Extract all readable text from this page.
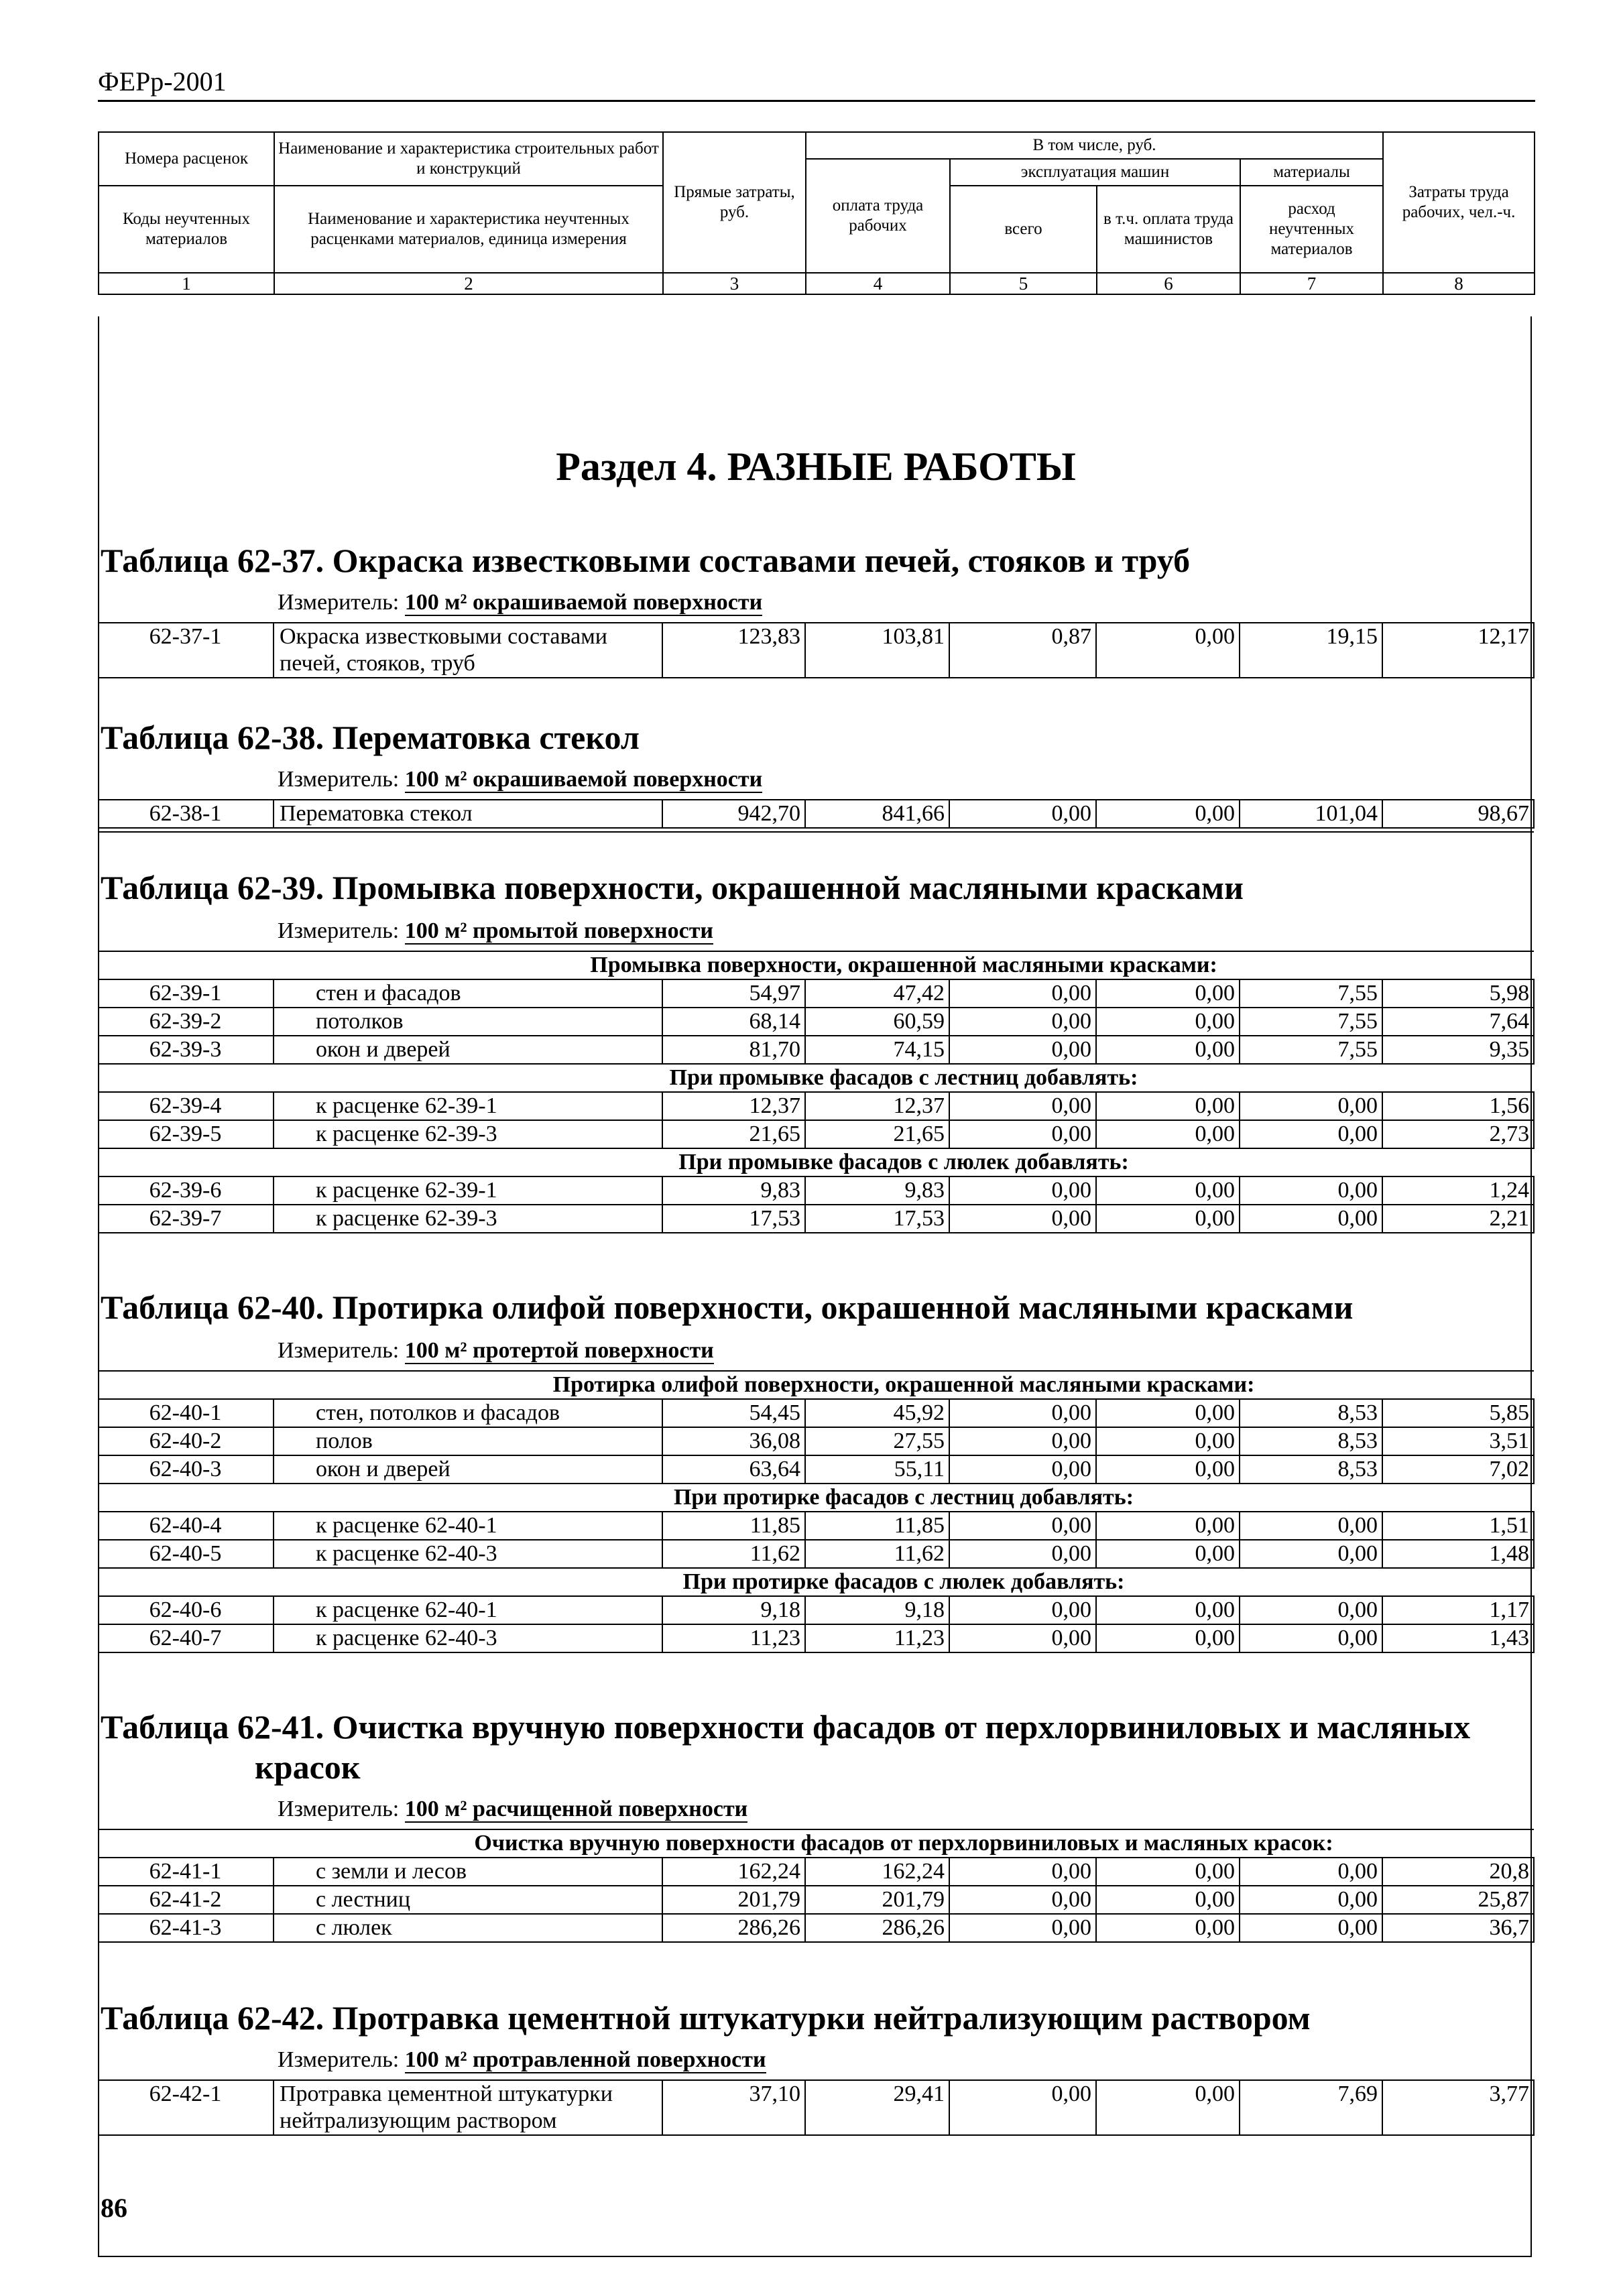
ФЕРр-2001
Номера расценок	Наименование и характеристика строительных работ и конструкций	Прямые затраты, руб.	В том числе, руб.				Затраты труда рабочих, чел.-ч.
			оплата труда рабочих	эксплуатация машин		материалы	
Коды неучтенных материалов	Наименование и характеристика неучтенных расценками материалов, единица измерения			всего	в т.ч. оплата труда машинистов	расход неучтенных материалов	

1	2	3	4	5	6	7	8
Раздел 4. РАЗНЫЕ РАБОТЫ
Таблица 62-37. Окраска известковыми составами печей, стояков и труб
Измеритель: 100 м² окрашиваемой поверхности
62-37-1	Окраска известковыми составами печей, стояков, труб	123,83	103,81	0,87	0,00	19,15	12,17
Таблица 62-38. Перематовка стекол
Измеритель: 100 м² окрашиваемой поверхности
62-38-1	Перематовка стекол	942,70	841,66	0,00	0,00	101,04	98,67
Таблица 62-39. Промывка поверхности, окрашенной масляными красками
Измеритель: 100 м² промытой поверхности
Промывка поверхности, окрашенной масляными красками:							
62-39-1	стен и фасадов	54,97	47,42	0,00	0,00	7,55	5,98
62-39-2	потолков	68,14	60,59	0,00	0,00	7,55	7,64
62-39-3	окон и дверей	81,70	74,15	0,00	0,00	7,55	9,35
При промывке фасадов с лестниц добавлять:							
62-39-4	к расценке 62-39-1	12,37	12,37	0,00	0,00	0,00	1,56
62-39-5	к расценке 62-39-3	21,65	21,65	0,00	0,00	0,00	2,73
При промывке фасадов с люлек добавлять:							
62-39-6	к расценке 62-39-1	9,83	9,83	0,00	0,00	0,00	1,24
62-39-7	к расценке 62-39-3	17,53	17,53	0,00	0,00	0,00	2,21
Таблица 62-40. Протирка олифой поверхности, окрашенной масляными красками
Измеритель: 100 м² протертой поверхности
Протирка олифой поверхности, окрашенной масляными красками:							
62-40-1	стен, потолков и фасадов	54,45	45,92	0,00	0,00	8,53	5,85
62-40-2	полов	36,08	27,55	0,00	0,00	8,53	3,51
62-40-3	окон и дверей	63,64	55,11	0,00	0,00	8,53	7,02
При протирке фасадов с лестниц добавлять:							
62-40-4	к расценке 62-40-1	11,85	11,85	0,00	0,00	0,00	1,51
62-40-5	к расценке 62-40-3	11,62	11,62	0,00	0,00	0,00	1,48
При протирке фасадов с люлек добавлять:							
62-40-6	к расценке 62-40-1	9,18	9,18	0,00	0,00	0,00	1,17
62-40-7	к расценке 62-40-3	11,23	11,23	0,00	0,00	0,00	1,43
Таблица 62-41. Очистка вручную поверхности фасадов от перхлорвиниловых и масляных
красок
Измеритель: 100 м² расчищенной поверхности
Очистка вручную поверхности фасадов от перхлорвиниловых и масляных красок:							
62-41-1	с земли и лесов	162,24	162,24	0,00	0,00	0,00	20,8
62-41-2	с лестниц	201,79	201,79	0,00	0,00	0,00	25,87
62-41-3	с люлек	286,26	286,26	0,00	0,00	0,00	36,7
Таблица 62-42. Протравка цементной штукатурки нейтрализующим раствором
Измеритель: 100 м² протравленной поверхности
62-42-1	Протравка цементной штукатурки нейтрализующим раствором	37,10	29,41	0,00	0,00	7,69	3,77
86
